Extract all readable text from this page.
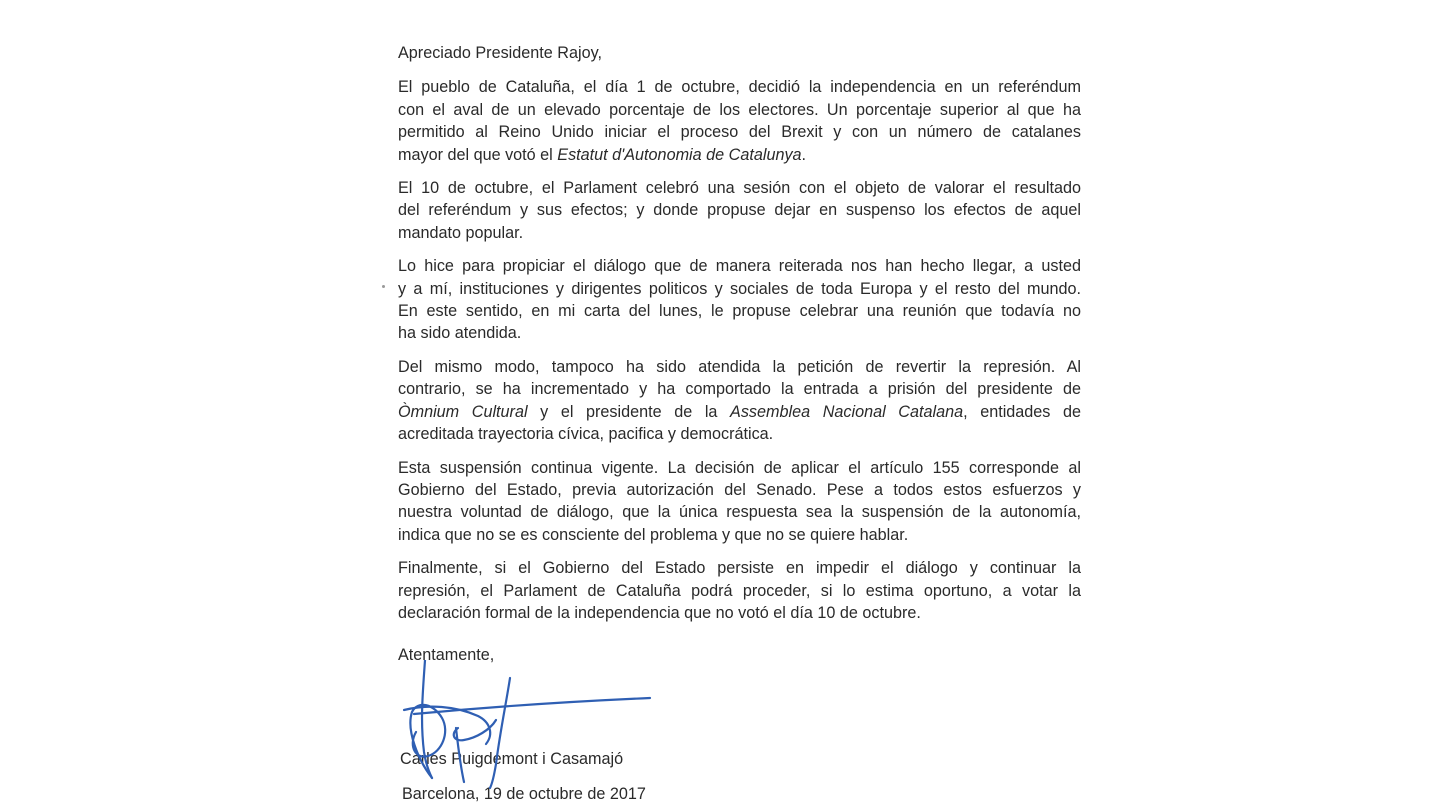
Apreciado Presidente Rajoy,

El pueblo de Cataluña, el día 1 de octubre, decidió la independencia en un referéndum
con el aval de un elevado porcentaje de los electores. Un porcentaje superior al que ha
permitido al Reino Unido iniciar el proceso del Brexit y con un número de catalanes
mayor del que votó el Estatut d'Autonomia de Catalunya.

El 10 de octubre, el Parlament celebró una sesión con el objeto de valorar el resultado
del referéndum y sus efectos; y donde propuse dejar en suspenso los efectos de aquel
mandato popular.

Lo hice para propiciar el diálogo que de manera reiterada nos han hecho llegar, a usted
y a mí, instituciones y dirigentes politicos y sociales de toda Europa y el resto del mundo.
En este sentido, en mi carta del lunes, le propuse celebrar una reunión que todavía no
ha sido atendida.

Del mismo modo, tampoco ha sido atendida la petición de revertir la represión. Al
contrario, se ha incrementado y ha comportado la entrada a prisión del presidente de
Òmnium Cultural y el presidente de la Assemblea Nacional Catalana, entidades de
acreditada trayectoria cívica, pacifica y democrática.

Esta suspensión continua vigente. La decisión de aplicar el artículo 155 corresponde al
Gobierno del Estado, previa autorización del Senado. Pese a todos estos esfuerzos y
nuestra voluntad de diálogo, que la única respuesta sea la suspensión de la autonomía,
indica que no se es consciente del problema y que no se quiere hablar.

Finalmente, si el Gobierno del Estado persiste en impedir el diálogo y continuar la
represión, el Parlament de Cataluña podrá proceder, si lo estima oportuno, a votar la
declaración formal de la independencia que no votó el día 10 de octubre.

Atentamente,
Carles Puigdemont i Casamajó
Barcelona, 19 de octubre de 2017
